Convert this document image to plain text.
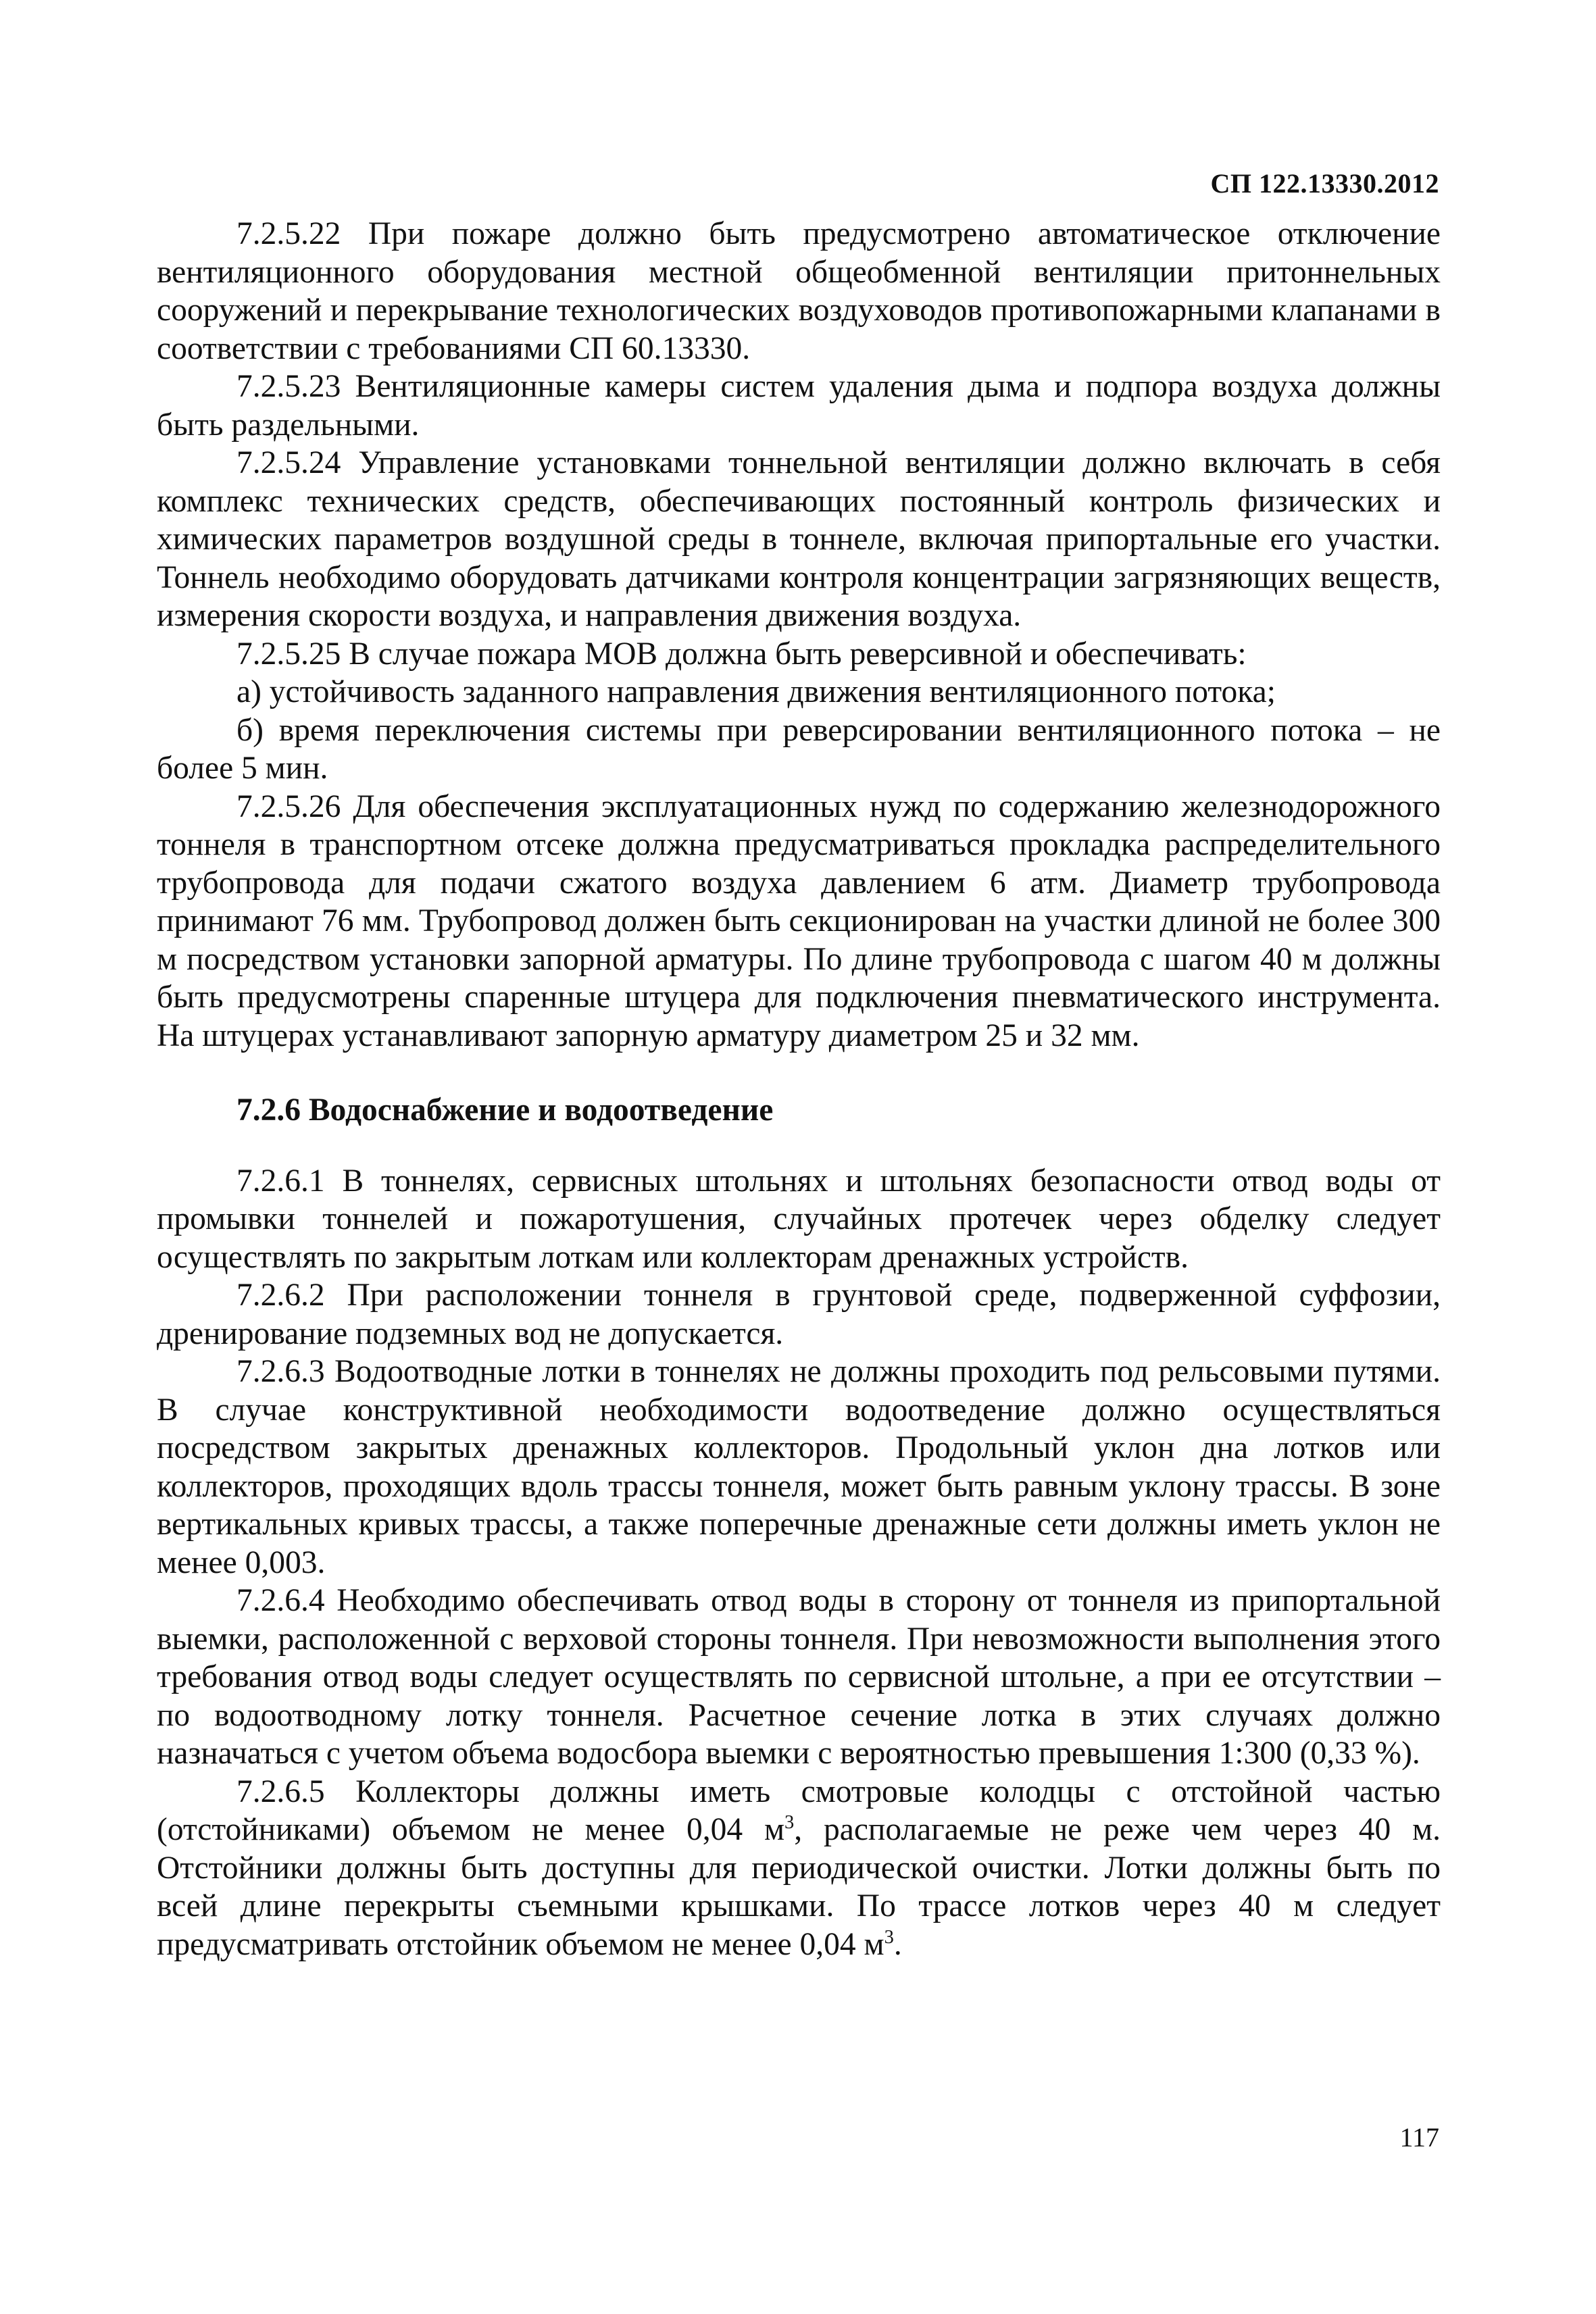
СП 122.13330.2012

7.2.5.22 При пожаре должно быть предусмотрено автоматическое отключение вентиляционного оборудования местной общеобменной вентиляции притоннельных сооружений и перекрывание технологических воздуховодов противопожарными клапанами в соответствии с требованиями СП 60.13330.

7.2.5.23 Вентиляционные камеры систем удаления дыма и подпора воздуха должны быть раздельными.

7.2.5.24 Управление установками тоннельной вентиляции должно включать в себя комплекс технических средств, обеспечивающих постоянный контроль физических и химических параметров воздушной среды в тоннеле, включая припортальные его участки. Тоннель необходимо оборудовать датчиками контроля концентрации загрязняющих веществ, измерения скорости воздуха, и направления движения воздуха.

7.2.5.25 В случае пожара МОВ должна быть реверсивной и обеспечивать:

а) устойчивость заданного направления движения вентиляционного потока;

б) время переключения системы при реверсировании вентиляционного потока – не более 5 мин.

7.2.5.26 Для обеспечения эксплуатационных нужд по содержанию железнодорожного тоннеля в транспортном отсеке должна предусматриваться прокладка распределительного трубопровода для подачи сжатого воздуха давлением 6 атм. Диаметр трубопровода принимают 76 мм. Трубопровод должен быть секционирован на участки длиной не более 300 м посредством установки запорной арматуры. По длине трубопровода с шагом 40 м должны быть предусмотрены спаренные штуцера для подключения пневматического инструмента. На штуцерах устанавливают запорную арматуру диаметром 25 и 32 мм.

7.2.6 Водоснабжение и водоотведение

7.2.6.1 В тоннелях, сервисных штольнях и штольнях безопасности отвод воды от промывки тоннелей и пожаротушения, случайных протечек через обделку следует осуществлять по закрытым лоткам или коллекторам дренажных устройств.

7.2.6.2 При расположении тоннеля в грунтовой среде, подверженной суффозии, дренирование подземных вод не допускается.

7.2.6.3 Водоотводные лотки в тоннелях не должны проходить под рельсовыми путями. В случае конструктивной необходимости водоотведение должно осуществляться посредством закрытых дренажных коллекторов. Продольный уклон дна лотков или коллекторов, проходящих вдоль трассы тоннеля, может быть равным уклону трассы. В зоне вертикальных кривых трассы, а также поперечные дренажные сети должны иметь уклон не менее 0,003.

7.2.6.4 Необходимо обеспечивать отвод воды в сторону от тоннеля из припортальной выемки, расположенной с верховой стороны тоннеля. При невозможности выполнения этого требования отвод воды следует осуществлять по сервисной штольне, а при ее отсутствии – по водоотводному лотку тоннеля. Расчетное сечение лотка в этих случаях должно назначаться с учетом объема водосбора выемки с вероятностью превышения 1:300 (0,33 %).

7.2.6.5 Коллекторы должны иметь смотровые колодцы с отстойной частью (отстойниками) объемом не менее 0,04 $м^3$, располагаемые не реже чем через 40 м. Отстойники должны быть доступны для периодической очистки. Лотки должны быть по всей длине перекрыты съемными крышками. По трассе лотков через 40 м следует предусматривать отстойник объемом не менее 0,04 $м^3$.

117
